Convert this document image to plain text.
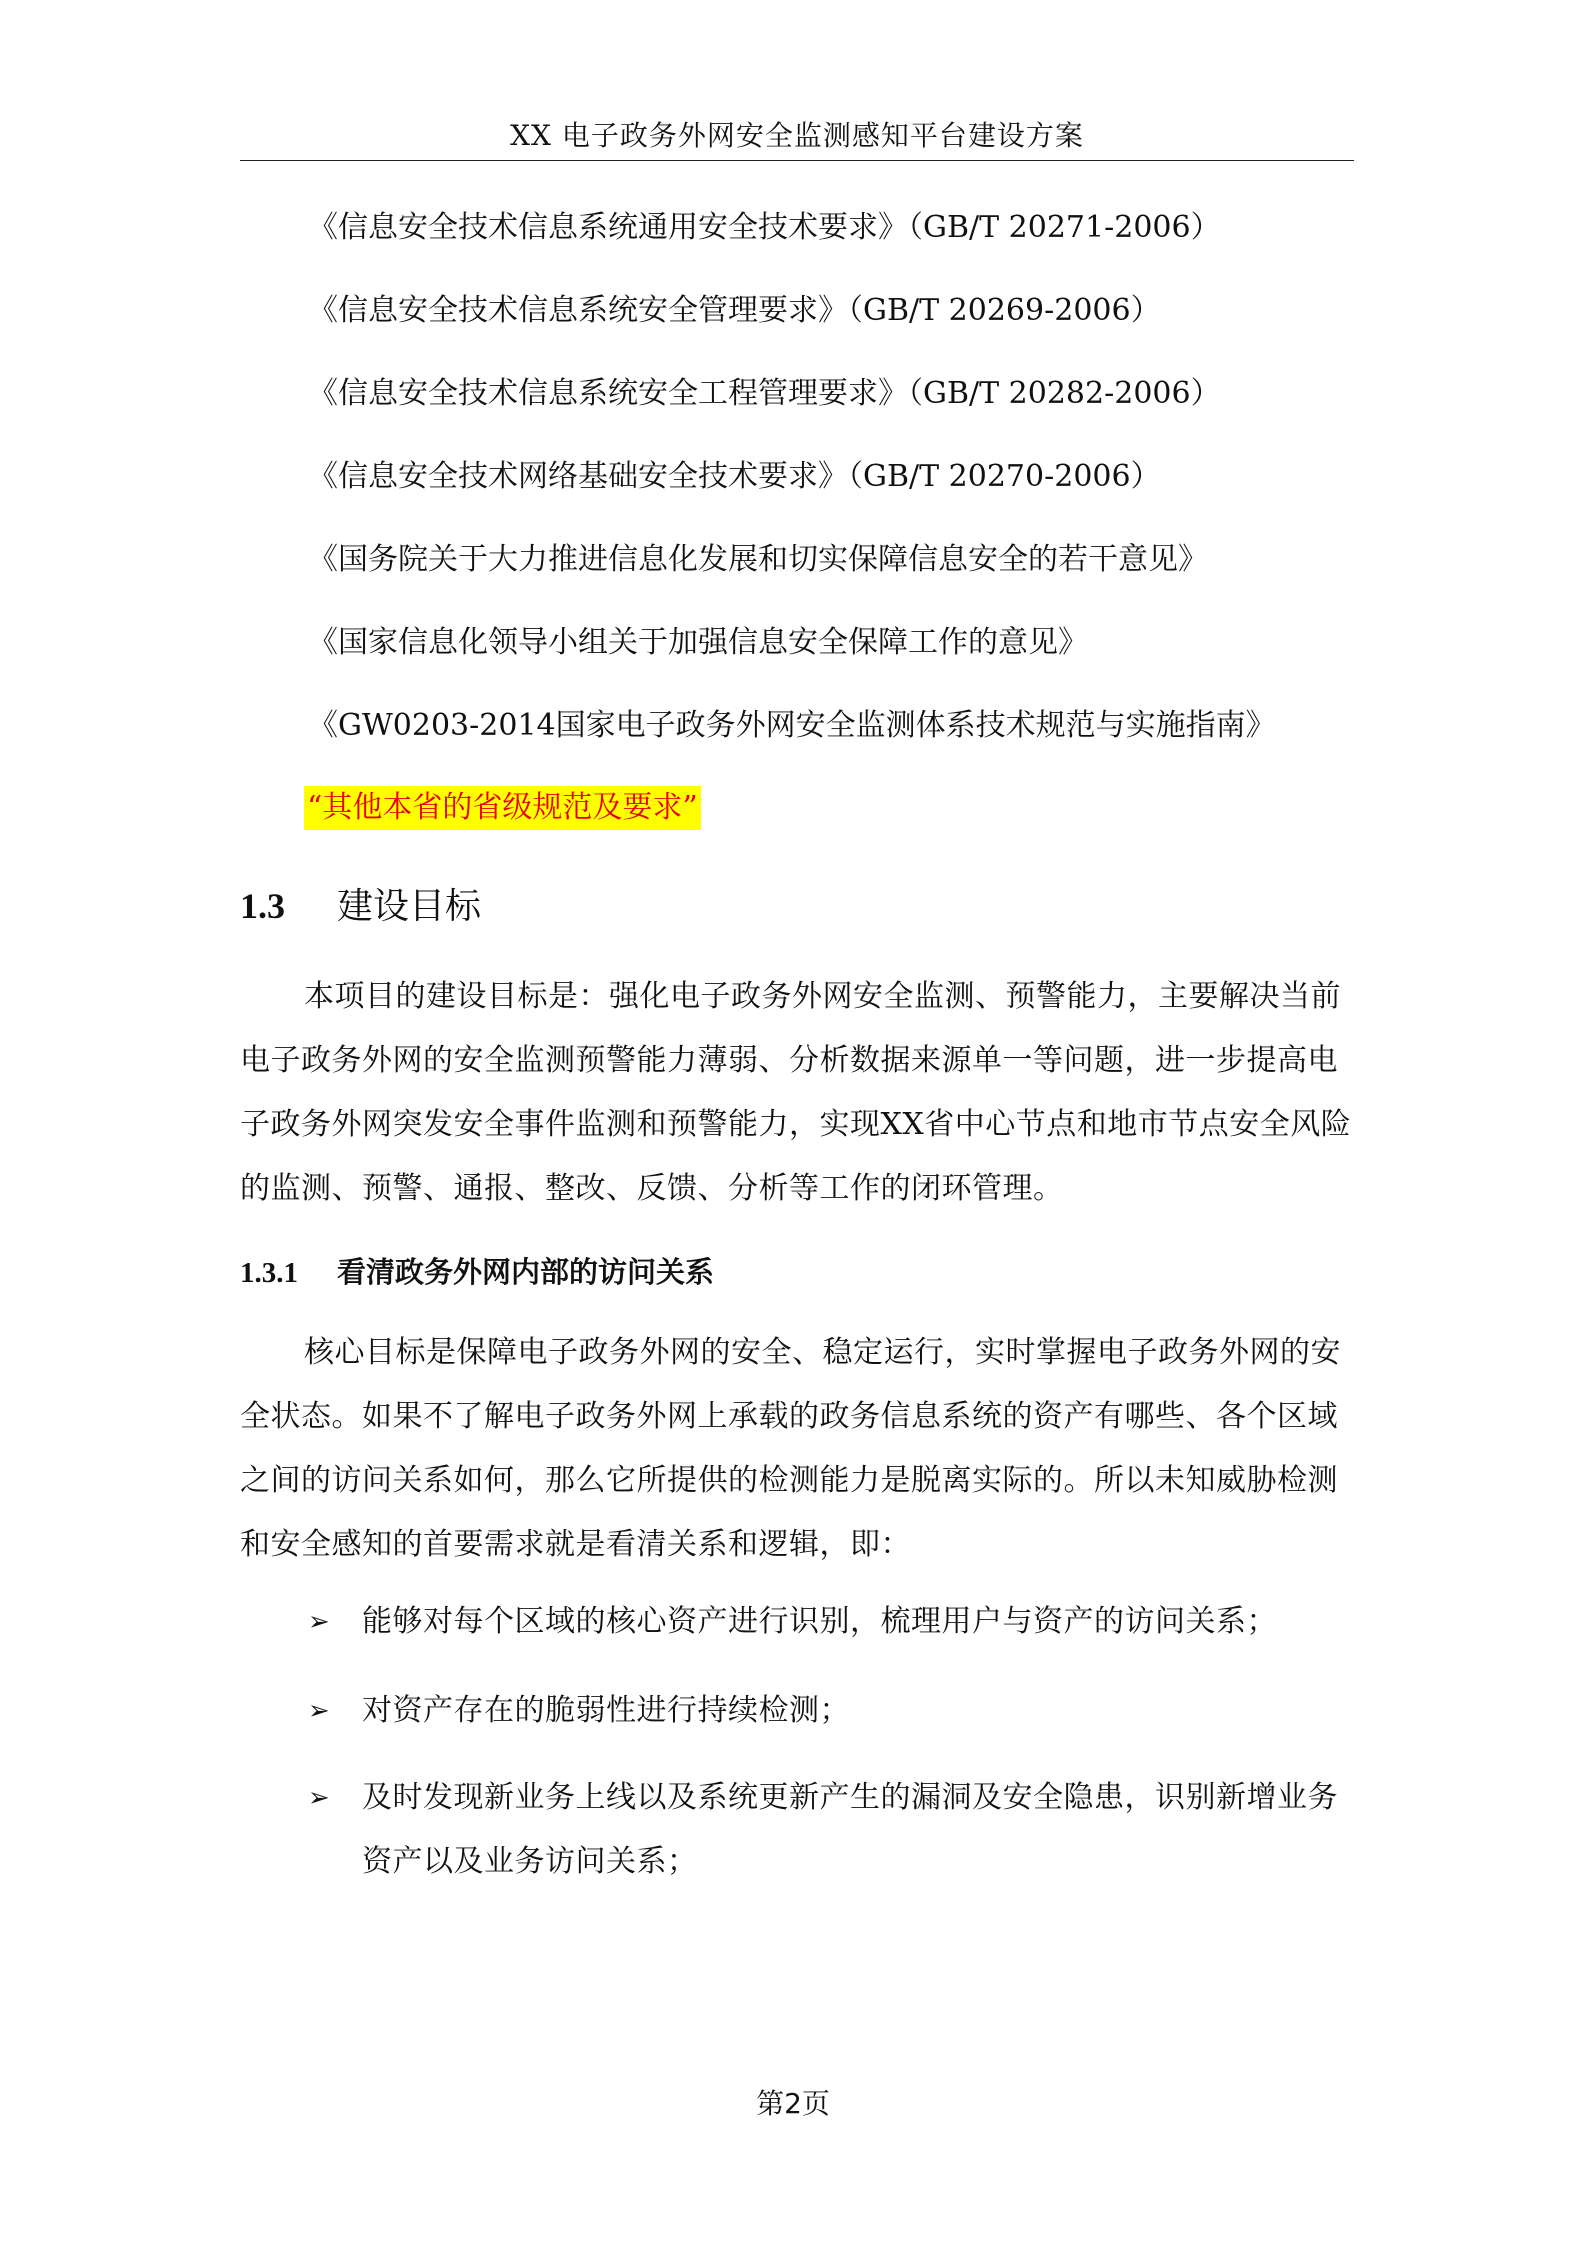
XX 电子政务外网安全监测感知平台建设方案
《信息安全技术信息系统通用安全技术要求》（GB/T 20271-2006）
《信息安全技术信息系统安全管理要求》（GB/T 20269-2006）
《信息安全技术信息系统安全工程管理要求》（GB/T 20282-2006）
《信息安全技术网络基础安全技术要求》（GB/T 20270-2006）
《国务院关于大力推进信息化发展和切实保障信息安全的若干意见》
《国家信息化领导小组关于加强信息安全保障工作的意见》
《GW0203-2014国家电子政务外网安全监测体系技术规范与实施指南》
“其他本省的省级规范及要求”
1.3 建设目标

本项目的建设目标是：强化电子政务外网安全监测、预警能力，主要解决当前电子政务外网的安全监测预警能力薄弱、分析数据来源单一等问题，进一步提高电子政务外网突发安全事件监测和预警能力，实现XX省中心节点和地市节点安全风险的监测、预警、通报、整改、反馈、分析等工作的闭环管理。

1.3.1 看清政务外网内部的访问关系

核心目标是保障电子政务外网的安全、稳定运行，实时掌握电子政务外网的安全状态。如果不了解电子政务外网上承载的政务信息系统的资产有哪些、各个区域之间的访问关系如何，那么它所提供的检测能力是脱离实际的。所以未知威胁检测和安全感知的首要需求就是看清关系和逻辑，即：

➢ 能够对每个区域的核心资产进行识别，梳理用户与资产的访问关系；
➢ 对资产存在的脆弱性进行持续检测；
➢ 及时发现新业务上线以及系统更新产生的漏洞及安全隐患，识别新增业务资产以及业务访问关系；
第2页
